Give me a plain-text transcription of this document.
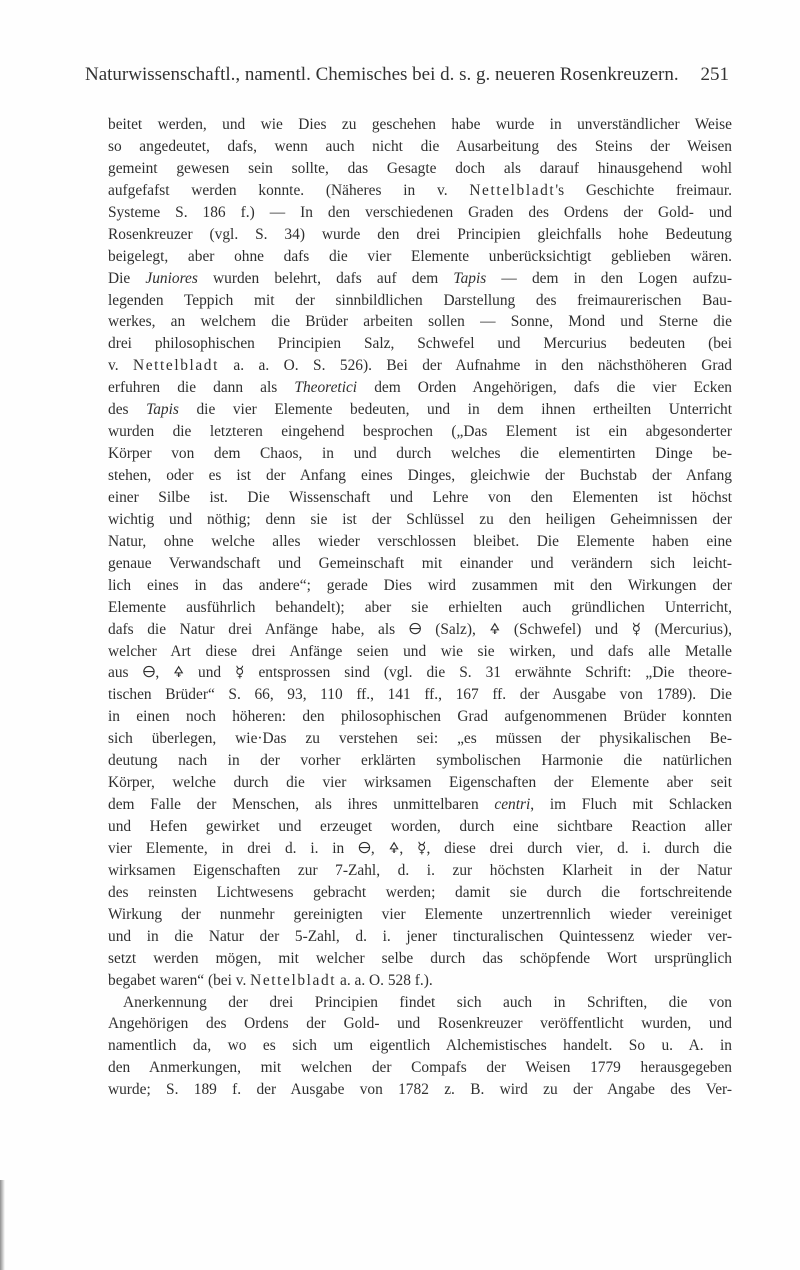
Naturwissenschaftl., namentl. Chemisches bei d. s. g. neueren Rosenkreuzern. 251
beitet werden, und wie Dies zu geschehen habe wurde in unverständlicher Weise
so angedeutet, dafs, wenn auch nicht die Ausarbeitung des Steins der Weisen
gemeint gewesen sein sollte, das Gesagte doch als darauf hinausgehend wohl
aufgefafst werden konnte. (Näheres in v. Nettelbladt's Geschichte freimaur.
Systeme S. 186 f.) — In den verschiedenen Graden des Ordens der Gold- und
Rosenkreuzer (vgl. S. 34) wurde den drei Principien gleichfalls hohe Bedeutung
beigelegt, aber ohne dafs die vier Elemente unberücksichtigt geblieben wären.
Die Juniores wurden belehrt, dafs auf dem Tapis — dem in den Logen aufzu-
legenden Teppich mit der sinnbildlichen Darstellung des freimaurerischen Bau-
werkes, an welchem die Brüder arbeiten sollen — Sonne, Mond und Sterne die
drei philosophischen Principien Salz, Schwefel und Mercurius bedeuten (bei
v. Nettelbladt a. a. O. S. 526). Bei der Aufnahme in den nächsthöheren Grad
erfuhren die dann als Theoretici dem Orden Angehörigen, dafs die vier Ecken
des Tapis die vier Elemente bedeuten, und in dem ihnen ertheilten Unterricht
wurden die letzteren eingehend besprochen („Das Element ist ein abgesonderter
Körper von dem Chaos, in und durch welches die elementirten Dinge be-
stehen, oder es ist der Anfang eines Dinges, gleichwie der Buchstab der Anfang
einer Silbe ist. Die Wissenschaft und Lehre von den Elementen ist höchst
wichtig und nöthig; denn sie ist der Schlüssel zu den heiligen Geheimnissen der
Natur, ohne welche alles wieder verschlossen bleibet. Die Elemente haben eine
genaue Verwandschaft und Gemeinschaft mit einander und verändern sich leicht-
lich eines in das andere“; gerade Dies wird zusammen mit den Wirkungen der
Elemente ausführlich behandelt); aber sie erhielten auch gründlichen Unterricht,
dafs die Natur drei Anfänge habe, als 🜔 (Salz), 🜍 (Schwefel) und ☿ (Mercurius),
welcher Art diese drei Anfänge seien und wie sie wirken, und dafs alle Metalle
aus 🜔, 🜍 und ☿ entsprossen sind (vgl. die S. 31 erwähnte Schrift: „Die theore-
tischen Brüder“ S. 66, 93, 110 ff., 141 ff., 167 ff. der Ausgabe von 1789). Die
in einen noch höheren: den philosophischen Grad aufgenommenen Brüder konnten
sich überlegen, wie·Das zu verstehen sei: „es müssen der physikalischen Be-
deutung nach in der vorher erklärten symbolischen Harmonie die natürlichen
Körper, welche durch die vier wirksamen Eigenschaften der Elemente aber seit
dem Falle der Menschen, als ihres unmittelbaren centri, im Fluch mit Schlacken
und Hefen gewirket und erzeuget worden, durch eine sichtbare Reaction aller
vier Elemente, in drei d. i. in 🜔, 🜍, ☿, diese drei durch vier, d. i. durch die
wirksamen Eigenschaften zur 7-Zahl, d. i. zur höchsten Klarheit in der Natur
des reinsten Lichtwesens gebracht werden; damit sie durch die fortschreitende
Wirkung der nunmehr gereinigten vier Elemente unzertrennlich wieder vereiniget
und in die Natur der 5-Zahl, d. i. jener tincturalischen Quintessenz wieder ver-
setzt werden mögen, mit welcher selbe durch das schöpfende Wort ursprünglich
begabet waren“ (bei v. Nettelbladt a. a. O. 528 f.).
Anerkennung der drei Principien findet sich auch in Schriften, die von
Angehörigen des Ordens der Gold- und Rosenkreuzer veröffentlicht wurden, und
namentlich da, wo es sich um eigentlich Alchemistisches handelt. So u. A. in
den Anmerkungen, mit welchen der Compafs der Weisen 1779 herausgegeben
wurde; S. 189 f. der Ausgabe von 1782 z. B. wird zu der Angabe des Ver-
